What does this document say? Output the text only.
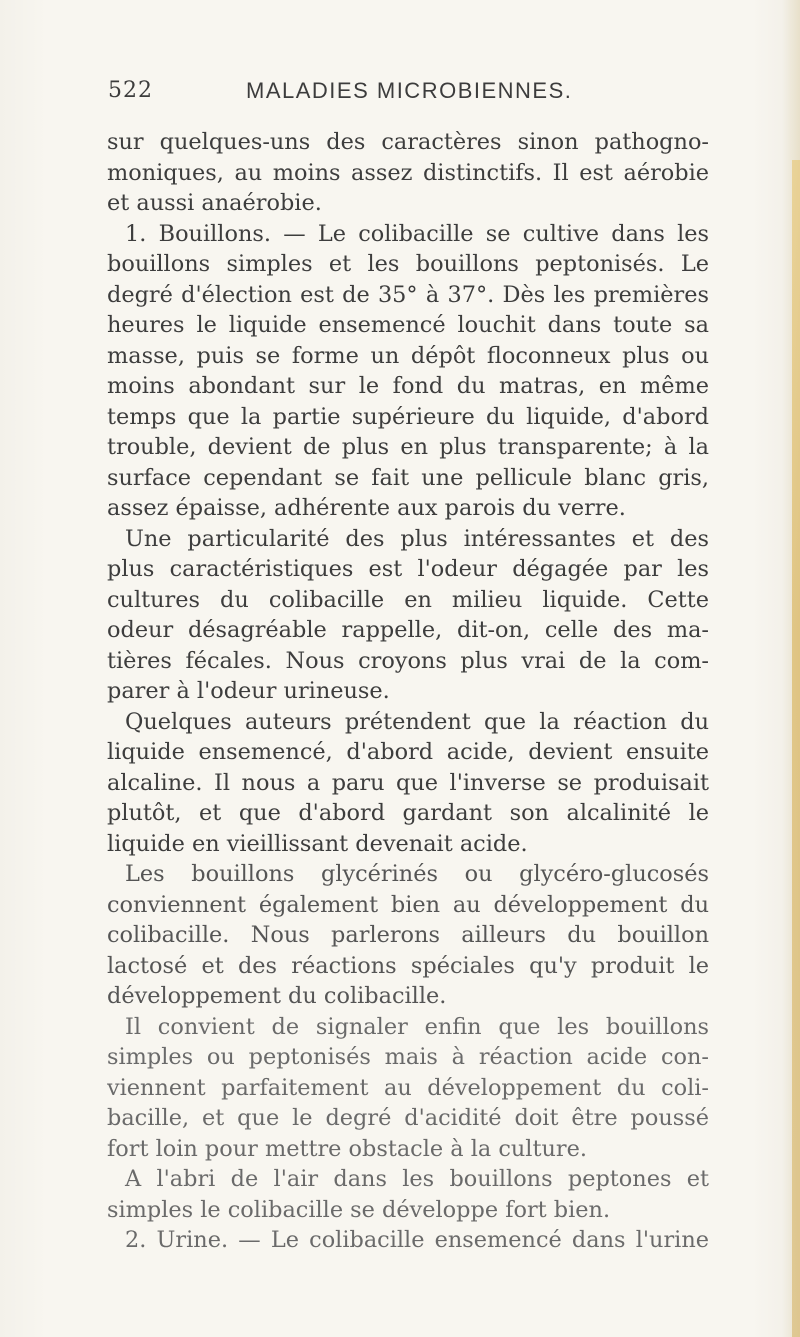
522	MALADIES MICROBIENNES.
sur quelques-uns des caractères sinon pathogno-
moniques, au moins assez distinctifs. Il est aérobie
et aussi anaérobie.
1. Bouillons. — Le colibacille se cultive dans les
bouillons simples et les bouillons peptonisés. Le
degré d'élection est de 35° à 37°. Dès les premières
heures le liquide ensemencé louchit dans toute sa
masse, puis se forme un dépôt floconneux plus ou
moins abondant sur le fond du matras, en même
temps que la partie supérieure du liquide, d'abord
trouble, devient de plus en plus transparente; à la
surface cependant se fait une pellicule blanc gris,
assez épaisse, adhérente aux parois du verre.
Une particularité des plus intéressantes et des
plus caractéristiques est l'odeur dégagée par les
cultures du colibacille en milieu liquide. Cette
odeur désagréable rappelle, dit-on, celle des ma-
tières fécales. Nous croyons plus vrai de la com-
parer à l'odeur urineuse.
Quelques auteurs prétendent que la réaction du
liquide ensemencé, d'abord acide, devient ensuite
alcaline. Il nous a paru que l'inverse se produisait
plutôt, et que d'abord gardant son alcalinité le
liquide en vieillissant devenait acide.
Les bouillons glycérinés ou glycéro-glucosés
conviennent également bien au développement du
colibacille. Nous parlerons ailleurs du bouillon
lactosé et des réactions spéciales qu'y produit le
développement du colibacille.
Il convient de signaler enfin que les bouillons
simples ou peptonisés mais à réaction acide con-
viennent parfaitement au développement du coli-
bacille, et que le degré d'acidité doit être poussé
fort loin pour mettre obstacle à la culture.
A l'abri de l'air dans les bouillons peptones et
simples le colibacille se développe fort bien.
2. Urine. — Le colibacille ensemencé dans l'urine
